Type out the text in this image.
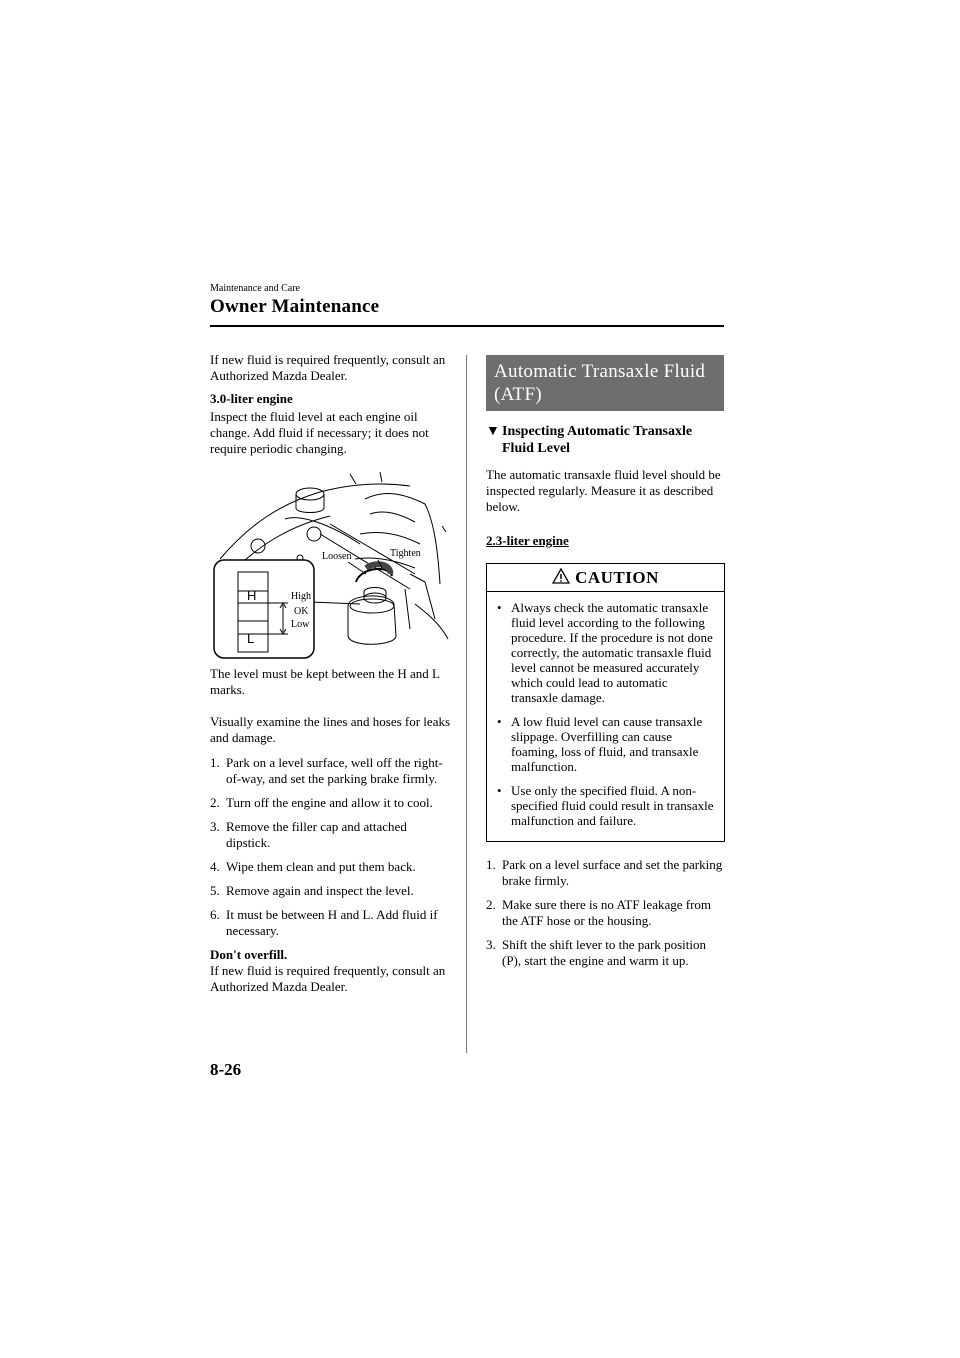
Maintenance and Care
Owner Maintenance

If new fluid is required frequently, consult an Authorized Mazda Dealer.

3.0-liter engine

Inspect the fluid level at each engine oil change. Add fluid if necessary; it does not require periodic changing.

H
L
Loosen	Tighten
High
OK
Low

The level must be kept between the H and L marks.

Visually examine the lines and hoses for leaks and damage.

1. Park on a level surface, well off the right-of-way, and set the parking brake firmly.
2. Turn off the engine and allow it to cool.
3. Remove the filler cap and attached dipstick.
4. Wipe them clean and put them back.
5. Remove again and inspect the level.
6. It must be between H and L. Add fluid if necessary.

Don't overfill.

If new fluid is required frequently, consult an Authorized Mazda Dealer.

Automatic Transaxle Fluid (ATF)
▼ Inspecting Automatic Transaxle Fluid Level

The automatic transaxle fluid level should be inspected regularly. Measure it as described below.

2.3-liter engine

CAUTION
• Always check the automatic transaxle fluid level according to the following procedure. If the procedure is not done correctly, the automatic transaxle fluid level cannot be measured accurately which could lead to automatic transaxle damage.
• A low fluid level can cause transaxle slippage. Overfilling can cause foaming, loss of fluid, and transaxle malfunction.
• Use only the specified fluid. A non-specified fluid could result in transaxle malfunction and failure.
1. Park on a level surface and set the parking brake firmly.
2. Make sure there is no ATF leakage from the ATF hose or the housing.
3. Shift the shift lever to the park position (P), start the engine and warm it up.
8-26
